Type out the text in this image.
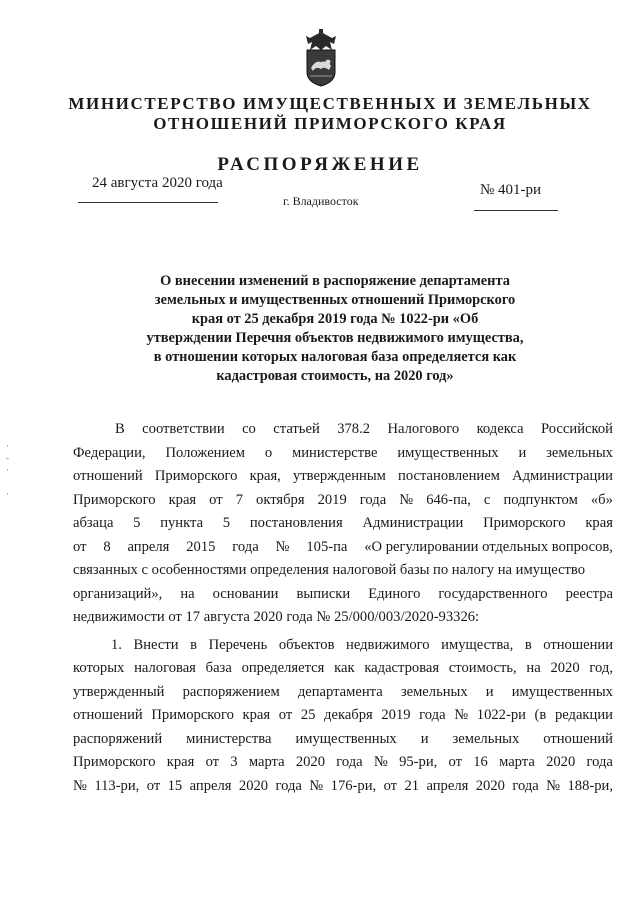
МИНИСТЕРСТВО ИМУЩЕСТВЕННЫХ И ЗЕМЕЛЬНЫХ
ОТНОШЕНИЙ ПРИМОРСКОГО КРАЯ
РАСПОРЯЖЕНИЕ
24 августа 2020 года
г. Владивосток
№ 401-ри
О внесении изменений в распоряжение департамента
земельных и имущественных отношений Приморского
края от 25 декабря 2019 года № 1022-ри «Об
утверждении Перечня объектов недвижимого имущества,
в отношении которых налоговая база определяется как
кадастровая стоимость, на 2020 год»
·
-
·

·
В соответствии со статьей 378.2 Налогового кодекса Российской
Федерации, Положением о министерстве имущественных и земельных
отношений Приморского края, утвержденным постановлением Администрации
Приморского края от 7 октября 2019 года № 646-па, с подпунктом «б»
абзаца 5 пункта 5 постановления Администрации Приморского края
от 8 апреля 2015 года № 105-па «О регулировании отдельных вопросов,
связанных с особенностями определения налоговой базы по налогу на имущество
организаций», на основании выписки Единого государственного реестра
недвижимости от 17 августа 2020 года № 25/000/003/2020-93326:
1. Внести в Перечень объектов недвижимого имущества, в отношении
которых налоговая база определяется как кадастровая стоимость, на 2020 год,
утвержденный распоряжением департамента земельных и имущественных
отношений Приморского края от 25 декабря 2019 года № 1022-ри (в редакции
распоряжений министерства имущественных и земельных отношений
Приморского края от 3 марта 2020 года № 95-ри, от 16 марта 2020 года
№ 113-ри, от 15 апреля 2020 года № 176-ри, от 21 апреля 2020 года № 188-ри,
